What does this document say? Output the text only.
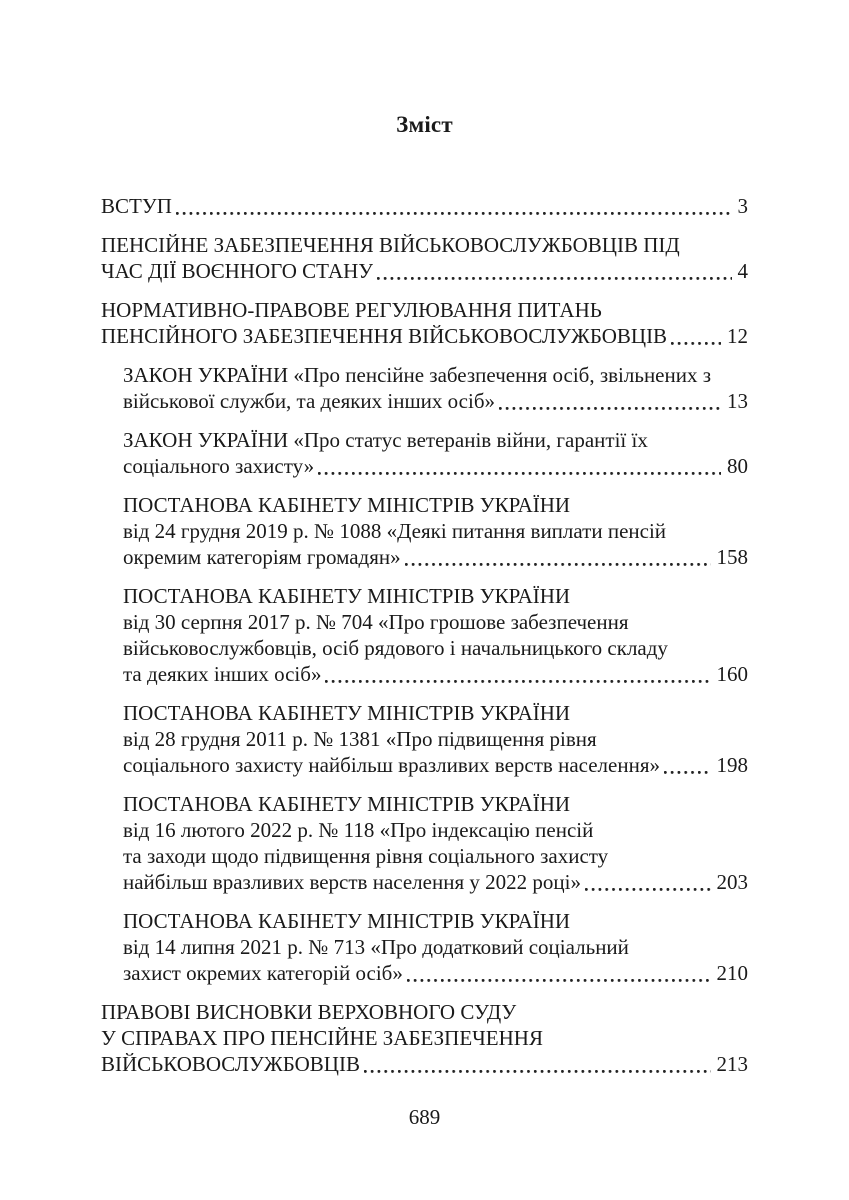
Зміст
ВСТУП	3
ПЕНСІЙНЕ ЗАБЕЗПЕЧЕННЯ ВІЙСЬКОВОСЛУЖБОВЦІВ ПІД
ЧАС ДІЇ ВОЄННОГО СТАНУ	4
НОРМАТИВНО-ПРАВОВЕ РЕГУЛЮВАННЯ ПИТАНЬ
ПЕНСІЙНОГО ЗАБЕЗПЕЧЕННЯ ВІЙСЬКОВОСЛУЖБОВЦІВ	12
ЗАКОН УКРАЇНИ «Про пенсійне забезпечення осіб, звільнених з
військової служби, та деяких інших осіб»	13
ЗАКОН УКРАЇНИ «Про статус ветеранів війни, гарантії їх
соціального захисту»	80
ПОСТАНОВА КАБІНЕТУ МІНІСТРІВ УКРАЇНИ
від 24 грудня 2019 р. № 1088 «Деякі питання виплати пенсій
окремим категоріям громадян»	158
ПОСТАНОВА КАБІНЕТУ МІНІСТРІВ УКРАЇНИ
від 30 серпня 2017 р. № 704 «Про грошове забезпечення
військовослужбовців, осіб рядового і начальницького складу
та деяких інших осіб»	160
ПОСТАНОВА КАБІНЕТУ МІНІСТРІВ УКРАЇНИ
від 28 грудня 2011 р. № 1381 «Про підвищення рівня
соціального захисту найбільш вразливих верств населення»	198
ПОСТАНОВА КАБІНЕТУ МІНІСТРІВ УКРАЇНИ
від 16 лютого 2022 р. № 118 «Про індексацію пенсій
та заходи щодо підвищення рівня соціального захисту
найбільш вразливих верств населення у 2022 році»	203
ПОСТАНОВА КАБІНЕТУ МІНІСТРІВ УКРАЇНИ
від 14 липня 2021 р. № 713 «Про додатковий соціальний
захист окремих категорій осіб»	210
ПРАВОВІ ВИСНОВКИ ВЕРХОВНОГО СУДУ
У СПРАВАХ ПРО ПЕНСІЙНЕ ЗАБЕЗПЕЧЕННЯ
ВІЙСЬКОВОСЛУЖБОВЦІВ	213
689
